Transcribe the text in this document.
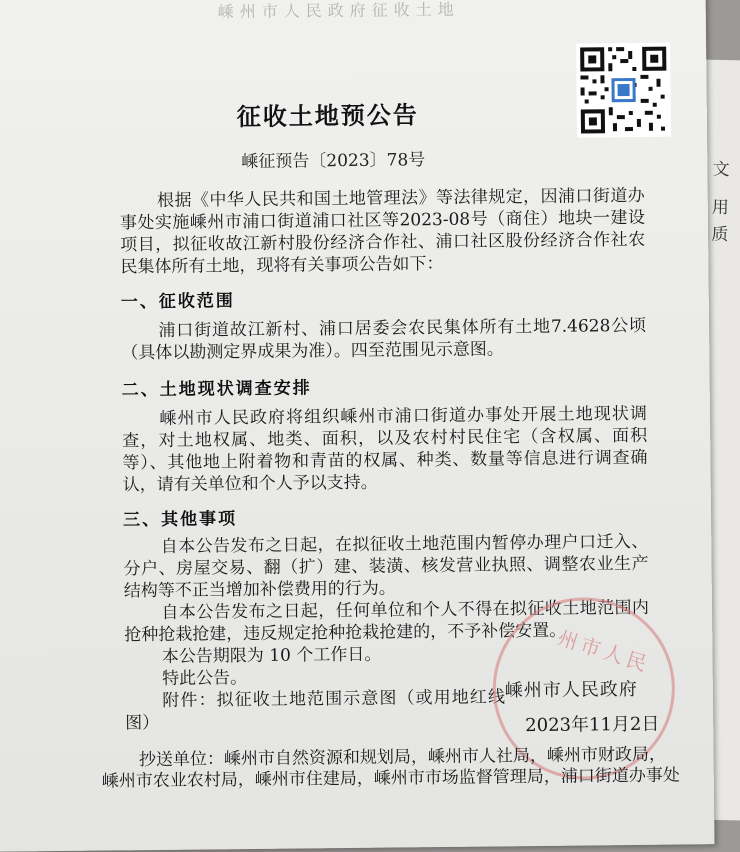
文
用
质
嵊州市人民政府征收土地
征收土地预公告
嵊征预告〔2023〕78号
根据《中华人民共和国土地管理法》等法律规定，因浦口街道办事处实施嵊州市浦口街道浦口社区等2023-08号（商住）地块一建设项目，拟征收故江新村股份经济合作社、浦口社区股份经济合作社农民集体所有土地，现将有关事项公告如下：
一、征收范围
浦口街道故江新村、浦口居委会农民集体所有土地7.4628公顷（具体以勘测定界成果为准）。四至范围见示意图。
二、土地现状调查安排
嵊州市人民政府将组织嵊州市浦口街道办事处开展土地现状调查，对土地权属、地类、面积，以及农村村民住宅（含权属、面积等）、其他地上附着物和青苗的权属、种类、数量等信息进行调查确认，请有关单位和个人予以支持。
三、其他事项
自本公告发布之日起，在拟征收土地范围内暂停办理户口迁入、分户、房屋交易、翻（扩）建、装潢、核发营业执照、调整农业生产结构等不正当增加补偿费用的行为。
自本公告发布之日起，任何单位和个人不得在拟征收土地范围内抢种抢栽抢建，违反规定抢种抢栽抢建的，不予补偿安置。
本公告期限为 10 个工作日。
特此公告。
附件：拟征收土地范围示意图（或用地红线图）
州市人民
嵊州市人民政府
2023年11月2日
抄送单位：嵊州市自然资源和规划局，嵊州市人社局，嵊州市财政局，嵊州市农业农村局，嵊州市住建局，嵊州市市场监督管理局，浦口街道办事处
